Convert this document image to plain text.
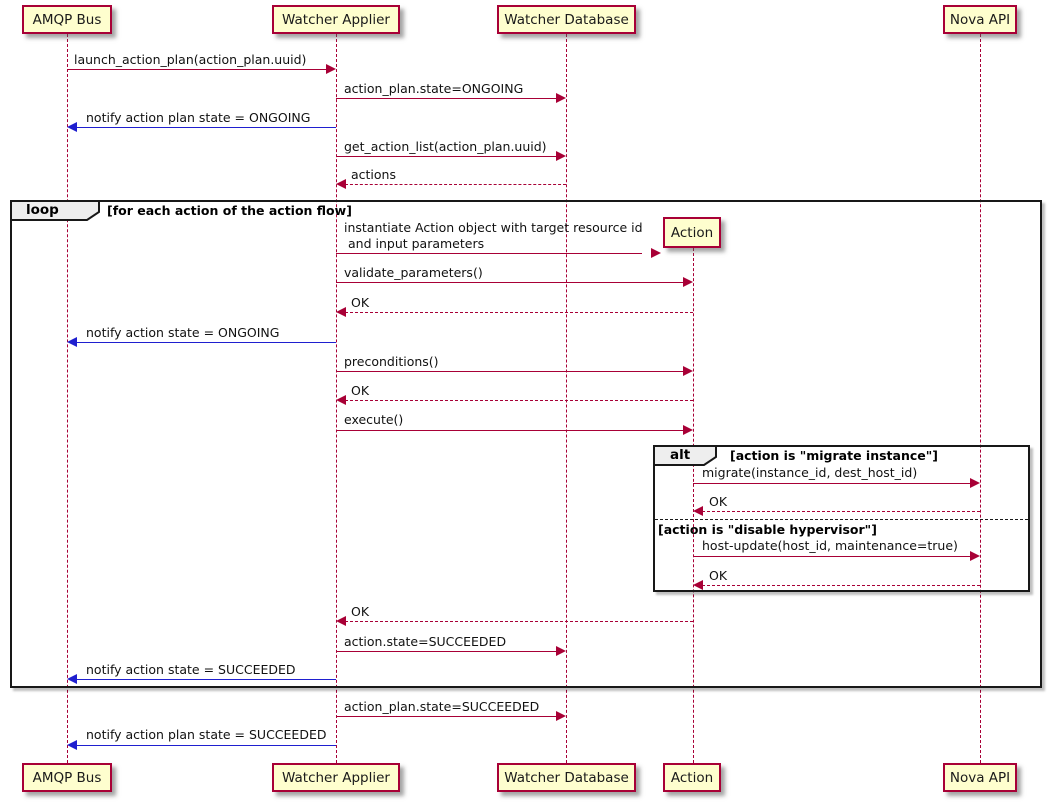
loop	[for each action of the action flow]
alt	[action is "migrate instance"]
[action is "disable hypervisor"]
launch_action_plan(action_plan.uuid)
action_plan.state=ONGOING
notify action plan state = ONGOING
get_action_list(action_plan.uuid)
actions
instantiate Action object with target resource id
and input parameters
validate_parameters()
OK
notify action state = ONGOING
preconditions()
OK
execute()
migrate(instance_id, dest_host_id)
OK
host-update(host_id, maintenance=true)
OK
OK
action.state=SUCCEEDED
notify action state = SUCCEEDED
action_plan.state=SUCCEEDED
notify action plan state = SUCCEEDED
AMQP Bus	Watcher Applier	Watcher Database	Nova API
Action
AMQP Bus	Watcher Applier	Watcher Database	Action	Nova API
